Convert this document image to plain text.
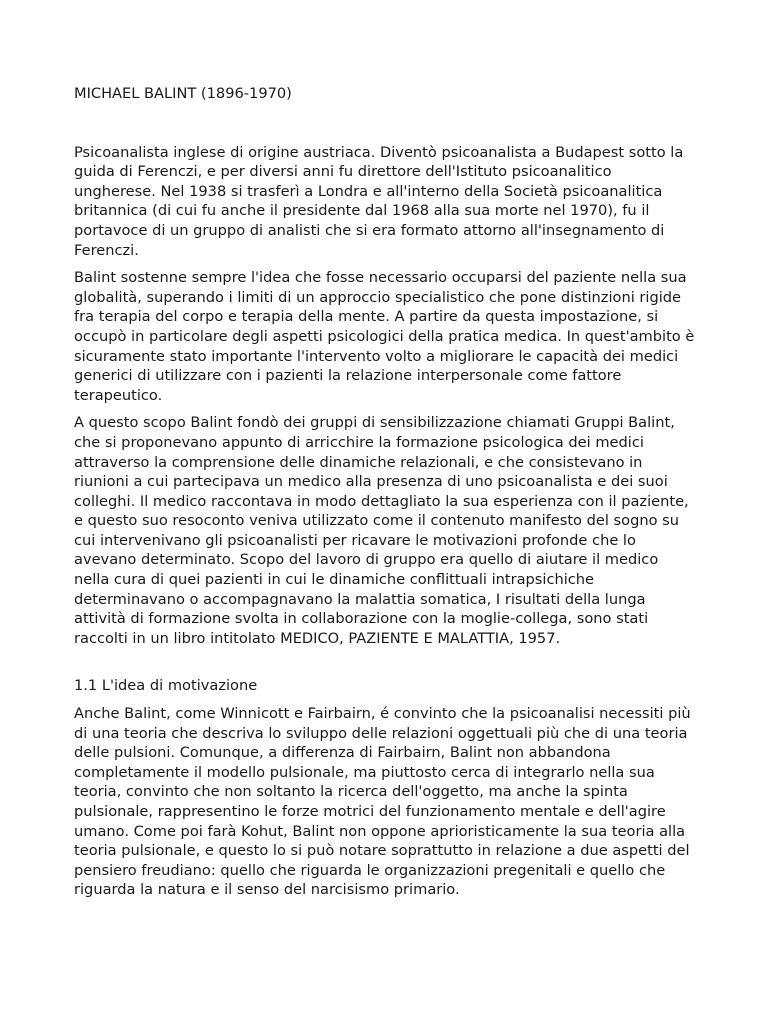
MICHAEL BALINT (1896-1970)

Psicoanalista inglese di origine austriaca. Diventò psicoanalista a Budapest sotto la guida di Ferenczi, e per diversi anni fu direttore dell'Istituto psicoanalitico ungherese. Nel 1938 si trasferì a Londra e all'interno della Società psicoanalitica britannica (di cui fu anche il presidente dal 1968 alla sua morte nel 1970), fu il portavoce di un gruppo di analisti che si era formato attorno all'insegnamento di Ferenczi.

Balint sostenne sempre l'idea che fosse necessario occuparsi del paziente nella sua globalità, superando i limiti di un approccio specialistico che pone distinzioni rigide fra terapia del corpo e terapia della mente. A partire da questa impostazione, si occupò in particolare degli aspetti psicologici della pratica medica. In quest'ambito è sicuramente stato importante l'intervento volto a migliorare le capacità dei medici generici di utilizzare con i pazienti la relazione interpersonale come fattore terapeutico.

A questo scopo Balint fondò dei gruppi di sensibilizzazione chiamati Gruppi Balint, che si proponevano appunto di arricchire la formazione psicologica dei medici attraverso la comprensione delle dinamiche relazionali, e che consistevano in riunioni a cui partecipava un medico alla presenza di uno psicoanalista e dei suoi colleghi. Il medico raccontava in modo dettagliato la sua esperienza con il paziente, e questo suo resoconto veniva utilizzato come il contenuto manifesto del sogno su cui intervenivano gli psicoanalisti per ricavare le motivazioni profonde che lo avevano determinato. Scopo del lavoro di gruppo era quello di aiutare il medico nella cura di quei pazienti in cui le dinamiche conflittuali intrapsichiche determinavano o accompagnavano la malattia somatica, I risultati della lunga attività di formazione svolta in collaborazione con la moglie-collega, sono stati raccolti in un libro intitolato MEDICO, PAZIENTE E MALATTIA, 1957.

1.1 L'idea di motivazione

Anche Balint, come Winnicott e Fairbairn, é convinto che la psicoanalisi necessiti più di una teoria che descriva lo sviluppo delle relazioni oggettuali più che di una teoria delle pulsioni. Comunque, a differenza di Fairbairn, Balint non abbandona completamente il modello pulsionale, ma piuttosto cerca di integrarlo nella sua teoria, convinto che non soltanto la ricerca dell'oggetto, ma anche la spinta pulsionale, rappresentino le forze motrici del funzionamento mentale e dell'agire umano. Come poi farà Kohut, Balint non oppone aprioristicamente la sua teoria alla teoria pulsionale, e questo lo si può notare soprattutto in relazione a due aspetti del pensiero freudiano: quello che riguarda le organizzazioni pregenitali e quello che riguarda la natura e il senso del narcisismo primario.
